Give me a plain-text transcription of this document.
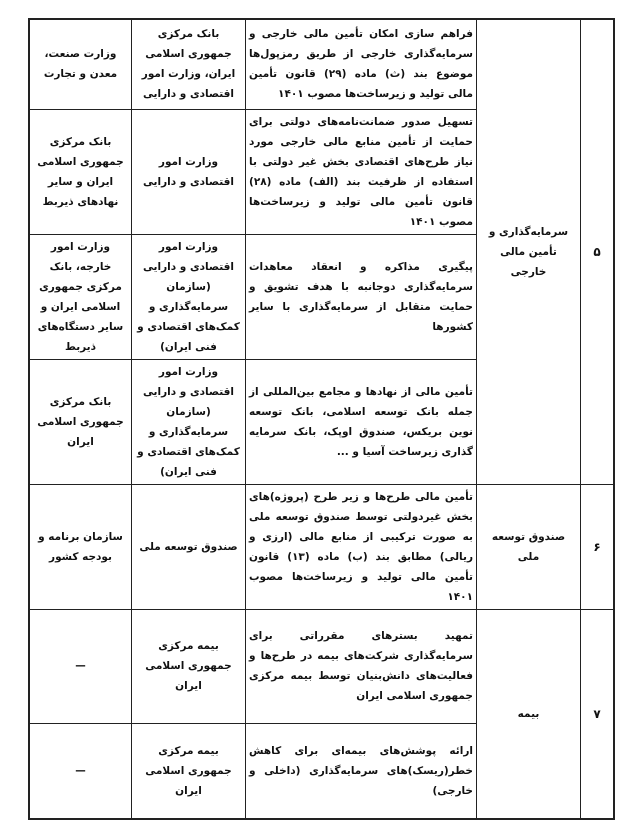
۵	سرمایه‌گذاری و تأمین مالی خارجی	فراهم سازی امکان تأمین مالی خارجی و سرمایه‌گذاری خارجی از طریق رمزپول‌ها موضوع بند (ث) ماده (۲۹) قانون تأمین مالی تولید و زیرساخت‌ها مصوب ۱۴۰۱	بانک مرکزی جمهوری اسلامی ایران، وزارت امور اقتصادی و دارایی	وزارت صنعت، معدن و تجارت
		تسهیل صدور ضمانت‌نامه‌های دولتی برای حمایت از تأمین منابع مالی خارجی مورد نیاز طرح‌های اقتصادی بخش غیر دولتی با استفاده از ظرفیت بند (الف) ماده (۲۸) قانون تأمین مالی تولید و زیرساخت‌ها مصوب ۱۴۰۱	وزارت امور اقتصادی و دارایی	بانک مرکزی جمهوری اسلامی ایران و سایر نهادهای ذیربط
		پیگیری مذاکره و انعقاد معاهدات سرمایه‌گذاری دوجانبه با هدف تشویق و حمایت متقابل از سرمایه‌گذاری با سایر کشورها	وزارت امور اقتصادی و دارایی (سازمان سرمایه‌گذاری و کمک‌های اقتصادی و فنی ایران)	وزارت امور خارجه، بانک مرکزی جمهوری اسلامی ایران و سایر دستگاه‌های ذیربط
		تأمین مالی از نهادها و مجامع بین‌المللی از جمله بانک توسعه اسلامی، بانک توسعه نوین بریکس، صندوق اوپک، بانک سرمایه گذاری زیرساخت آسیا و ...	وزارت امور اقتصادی و دارایی (سازمان سرمایه‌گذاری و کمک‌های اقتصادی و فنی ایران)	بانک مرکزی جمهوری اسلامی ایران
۶	صندوق توسعه ملی	تأمین مالی طرح‌ها و زیر طرح (پروژه)های بخش غیردولتی توسط صندوق توسعه ملی به صورت ترکیبی از منابع مالی (ارزی و ریالی) مطابق بند (ب) ماده (۱۳) قانون تأمین مالی تولید و زیرساخت‌ها مصوب ۱۴۰۱	صندوق توسعه ملی	سازمان برنامه و بودجه کشور
۷	بیمه	تمهید بسترهای مقرراتی برای سرمایه‌گذاری شرکت‌های بیمه در طرح‌ها و فعالیت‌های دانش‌بنیان توسط بیمه مرکزی جمهوری اسلامی ایران	بیمه مرکزی جمهوری اسلامی ایران	—
		ارائه پوشش‌های بیمه‌ای برای کاهش خطر(ریسک)های سرمایه‌گذاری (داخلی و خارجی)	بیمه مرکزی جمهوری اسلامی ایران	—
